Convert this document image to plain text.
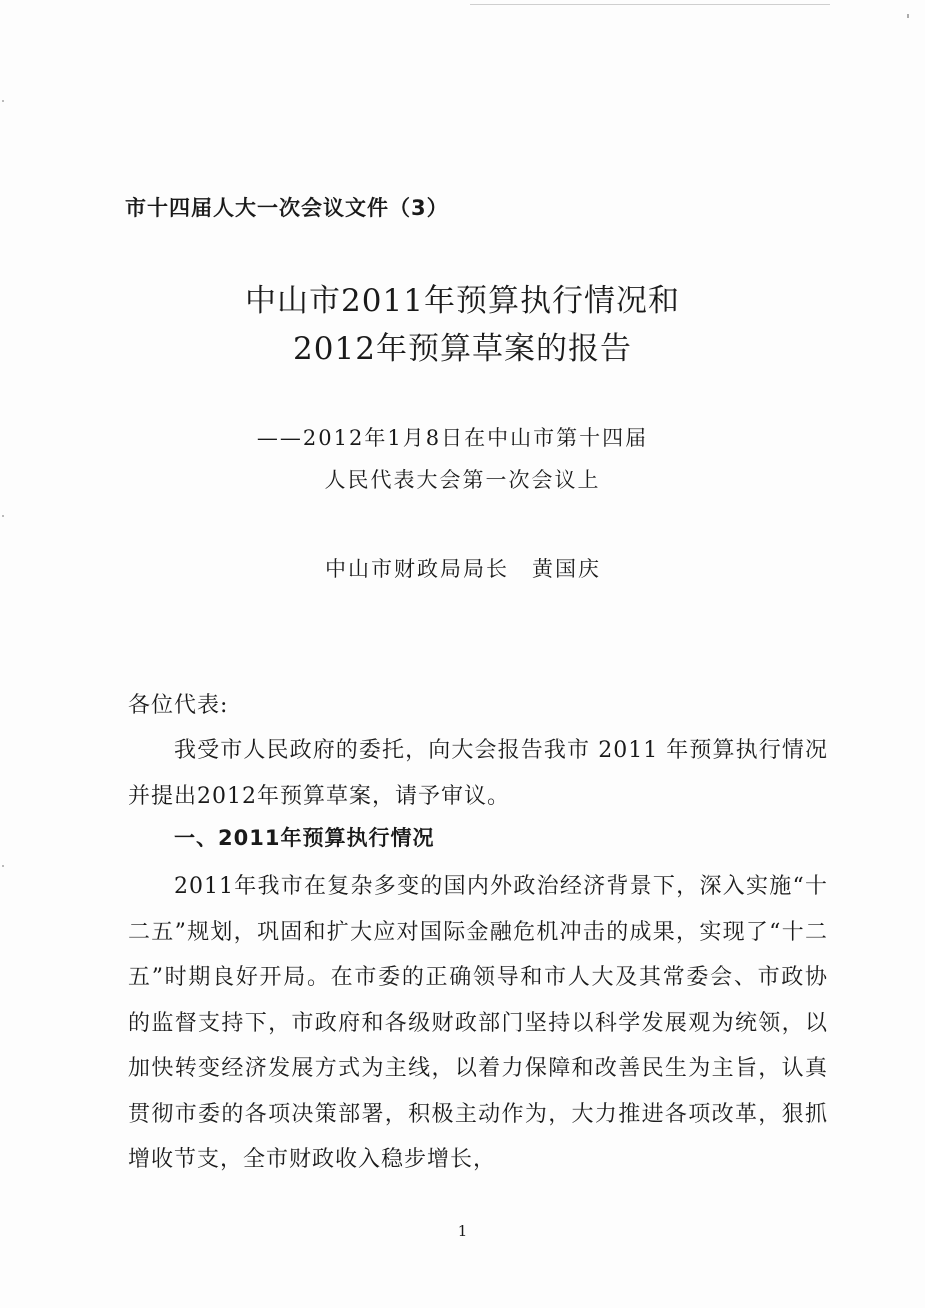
市十四届人大一次会议文件（3）
中山市2011年预算执行情况和
2012年预算草案的报告
——2012年1月8日在中山市第十四届
人民代表大会第一次会议上
中山市财政局局长　黄国庆
各位代表:
我受市人民政府的委托，向大会报告我市 2011 年预算执行情况并提出2012年预算草案，请予审议。
一、2011年预算执行情况
2011年我市在复杂多变的国内外政治经济背景下，深入实施“十二五”规划，巩固和扩大应对国际金融危机冲击的成果，实现了“十二五”时期良好开局。在市委的正确领导和市人大及其常委会、市政协的监督支持下，市政府和各级财政部门坚持以科学发展观为统领，以加快转变经济发展方式为主线，以着力保障和改善民生为主旨，认真贯彻市委的各项决策部署，积极主动作为，大力推进各项改革，狠抓增收节支，全市财政收入稳步增长，
1
